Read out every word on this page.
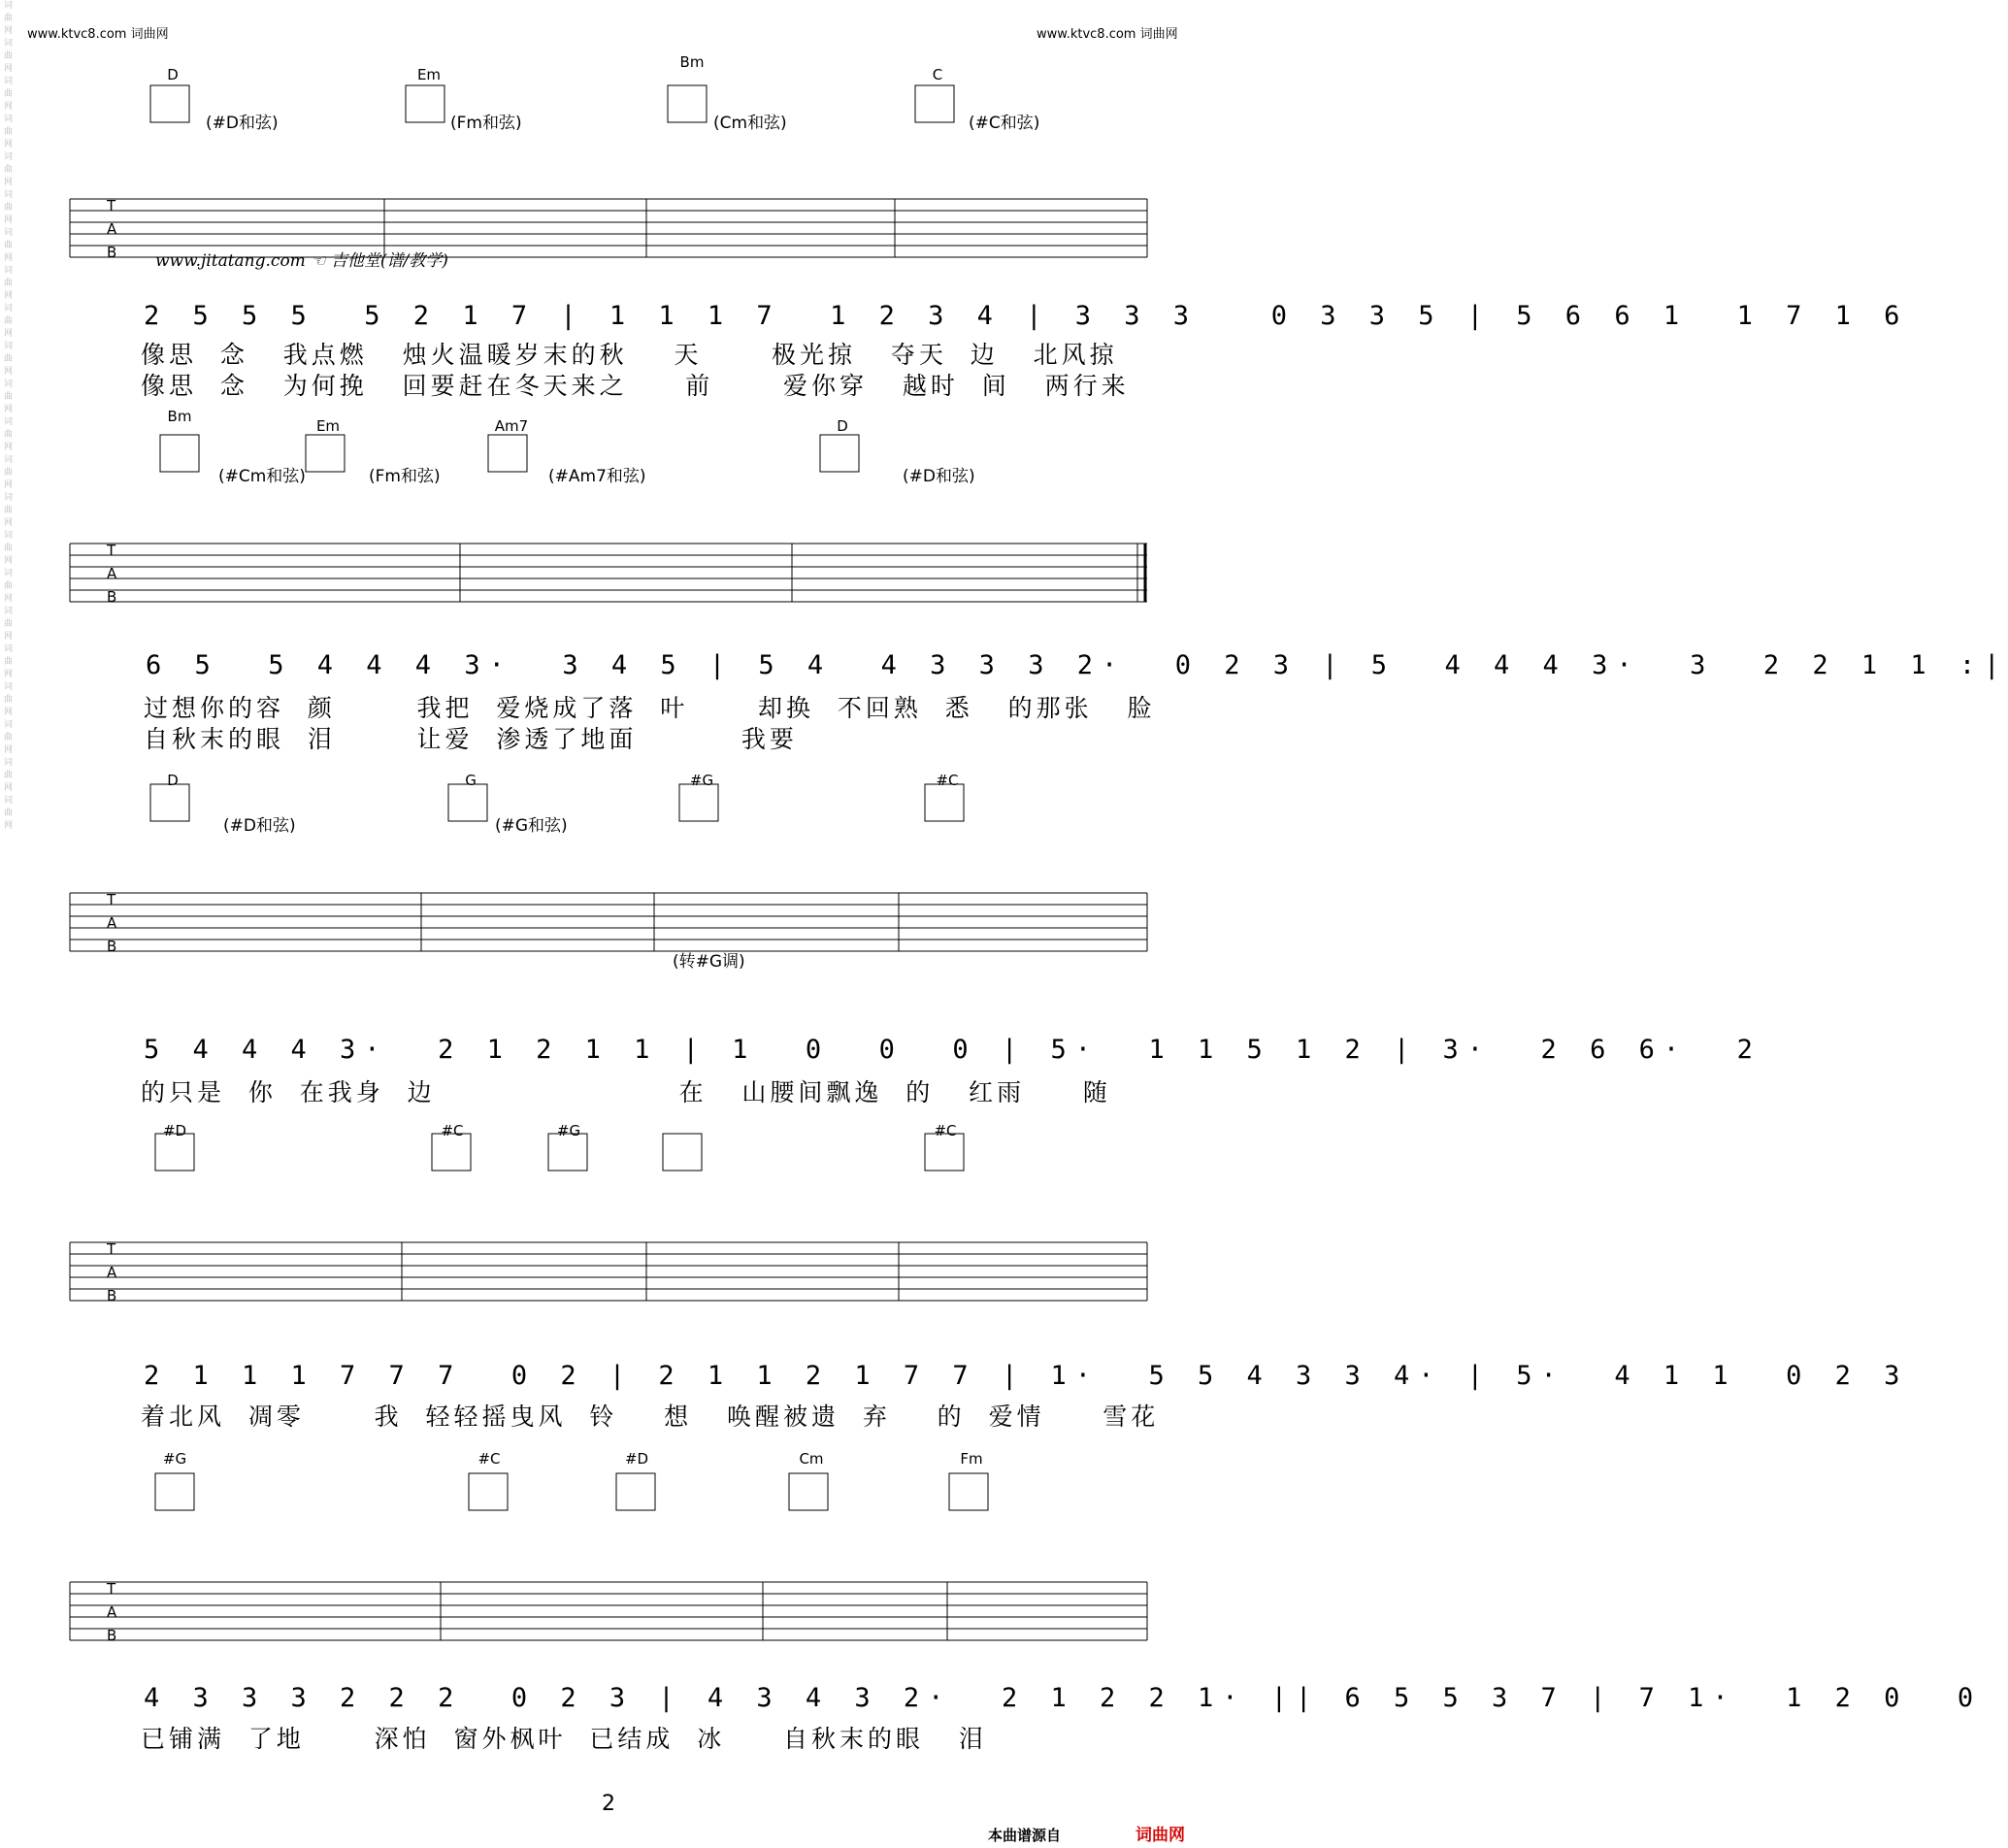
www.ktvc8.com 词曲网	www.ktvc8.com 词曲网
词曲网词曲网词曲网词曲网词曲网词曲网词曲网词曲网词曲网词曲网词曲网词曲网词曲网词曲网词曲网词曲网词曲网词曲网词曲网词曲网词曲网词曲网
D
(#D和弦)
Em
(Fm和弦)
Bm
(Cm和弦)
C
(#C和弦)
T
A
B www.jitatang.com ☜ 吉他堂(谱/教学)
2 5 5 5  5 2 1 7 | 1 1 1 7  1 2 3 4 | 3 3 3   0 3 3 5 | 5 6 6 1  1 7 1 6
像思  念   我点燃   烛火温暖岁末的秋    天      极光掠   夺天  边   北风掠
像思  念   为何挽   回要赶在冬天来之     前      爱你穿   越时  间   两行来
Bm
(#Cm和弦)
Em
(Fm和弦)
Am7
(#Am7和弦)
D
(#D和弦)
T
A
B
6 5  5 4 4 4 3·  3 4 5 | 5 4  4 3 3 3 2·  0 2 3 | 5  4 4 4 3·  3  2 2 1 1 :|
过想你的容  颜       我把  爱烧成了落  叶      却换  不回熟  悉   的那张   脸
自秋末的眼  泪       让爱  渗透了地面         我要
D
(#D和弦)
G
(#G和弦)
#G	#C
T
A
B
5 4 4 4 3·  2 1 2 1 1 | 1  0  0  0 | 5·  1 1 5 1 2 | 3·  2 6 6·  2
的只是  你  在我身  边                     在   山腰间飘逸  的   红雨     随
(转#G调)
#D	#C	#G	#C
T
A
B
2 1 1 1 7 7 7  0 2 | 2 1 1 2 1 7 7 | 1·  5 5 4 3 3 4· | 5·  4 1 1  0 2 3
着北风  凋零      我  轻轻摇曳风  铃    想   唤醒被遗  弃    的  爱情     雪花
#G	#C	#D	Cm	Fm
T
A
B
4 3 3 3 2 2 2  0 2 3 | 4 3 4 3 2·  2 1 2 2 1· || 6 5 5 3 7 | 7 1·  1 2 0  0
已铺满  了地      深怕  窗外枫叶  已结成  冰     自秋末的眼   泪
2
本曲谱源自	词曲网
